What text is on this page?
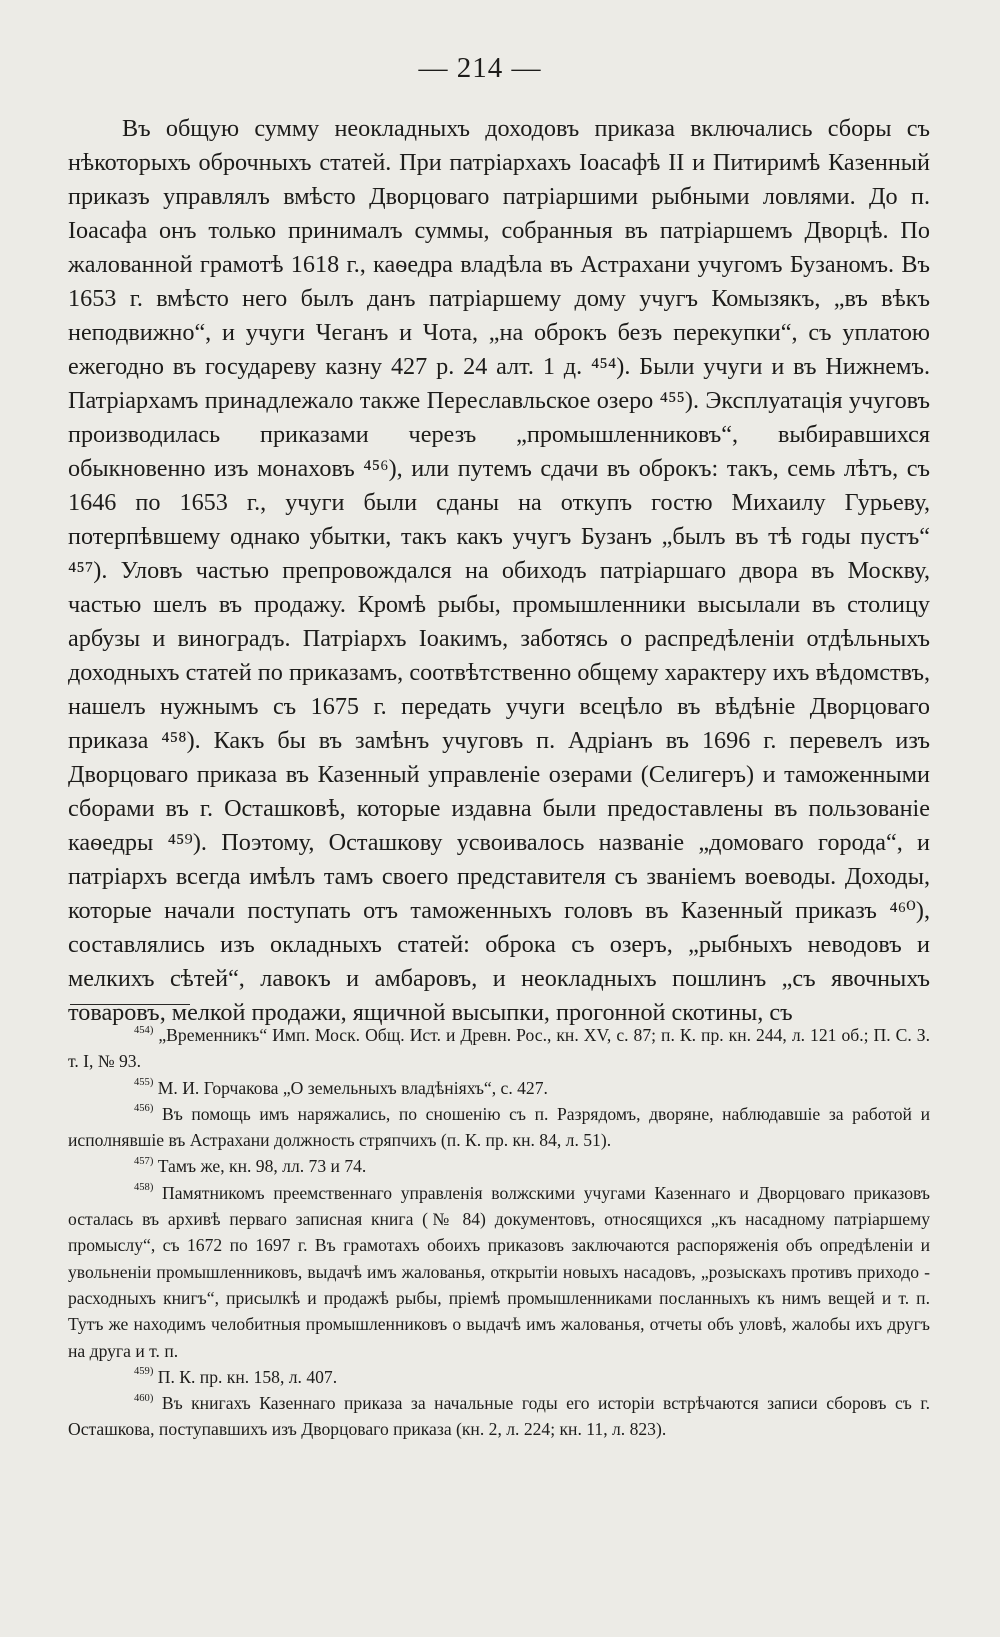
— 214 —

Въ общую сумму неокладныхъ доходовъ приказа включались сборы съ нѣкоторыхъ оброчныхъ статей. При патріархахъ Іоасафѣ II и Питиримѣ Казенный приказъ управлялъ вмѣсто Дворцоваго патріаршими рыбными ловлями. До п. Іоасафа онъ только принималъ суммы, собранныя въ патріаршемъ Дворцѣ. По жалованной грамотѣ 1618 г., каѳедра владѣла въ Астрахани учугомъ Бузаномъ. Въ 1653 г. вмѣсто него былъ данъ патріаршему дому учугъ Комызякъ, „въ вѣкъ неподвижно“, и учуги Чеганъ и Чота, „на оброкъ безъ перекупки“, съ уплатою ежегодно въ государеву казну 427 р. 24 алт. 1 д. ⁴⁵⁴). Были учуги и въ Нижнемъ. Патріархамъ принадлежало также Переславльское озеро ⁴⁵⁵). Эксплуатація учуговъ производилась приказами черезъ „промышленниковъ“, выбиравшихся обыкновенно изъ монаховъ ⁴⁵⁶), или путемъ сдачи въ оброкъ: такъ, семь лѣтъ, съ 1646 по 1653 г., учуги были сданы на откупъ гостю Михаилу Гурьеву, потерпѣвшему однако убытки, такъ какъ учугъ Бузанъ „былъ въ тѣ годы пустъ“ ⁴⁵⁷). Уловъ частью препровождался на обиходъ патріаршаго двора въ Москву, частью шелъ въ продажу. Кромѣ рыбы, промышленники высылали въ столицу арбузы и виноградъ. Патріархъ Іоакимъ, заботясь о распредѣленіи отдѣльныхъ доходныхъ статей по приказамъ, соотвѣтственно общему характеру ихъ вѣдомствъ, нашелъ нужнымъ съ 1675 г. передать учуги всецѣло въ вѣдѣніе Дворцоваго приказа ⁴⁵⁸). Какъ бы въ замѣнъ учуговъ п. Адріанъ въ 1696 г. перевелъ изъ Дворцоваго приказа въ Казенный управленіе озерами (Селигеръ) и таможенными сборами въ г. Осташковѣ, которые издавна были предоставлены въ пользованіе каѳедры ⁴⁵⁹). Поэтому, Осташкову усвоивалось названіе „домоваго города“, и патріархъ всегда имѣлъ тамъ своего представителя съ званіемъ воеводы. Доходы, которые начали поступать отъ таможенныхъ головъ въ Казенный приказъ ⁴⁶⁰), составлялись изъ окладныхъ статей: оброка съ озеръ, „рыбныхъ неводовъ и мелкихъ сѣтей“, лавокъ и амбаровъ, и неокладныхъ пошлинъ „съ явочныхъ товаровъ, мелкой продажи, ящичной высыпки, прогонной скотины, съ

$^{454)}$ „Временникъ“ Имп. Моск. Общ. Ист. и Древн. Рос., кн. XV, с. 87; п. К. пр. кн. 244, л. 121 об.; П. С. З. т. I, № 93.

$^{455)}$ М. И. Горчакова „О земельныхъ владѣніяхъ“, с. 427.

$^{456)}$ Въ помощь имъ наряжались, по сношенію съ п. Разрядомъ, дворяне, наблюдавшіе за работой и исполнявшіе въ Астрахани должность стряпчихъ (п. К. пр. кн. 84, л. 51).

$^{457)}$ Тамъ же, кн. 98, лл. 73 и 74.

$^{458)}$ Памятникомъ преемственнаго управленія волжскими учугами Казеннаго и Дворцоваго приказовъ осталась въ архивѣ перваго записная книга (№ 84) документовъ, относящихся „къ насадному патріаршему промыслу“, съ 1672 по 1697 г. Въ грамотахъ обоихъ приказовъ заключаются распоряженія объ опредѣленіи и увольненіи промышленниковъ, выдачѣ имъ жалованья, открытіи новыхъ насадовъ, „розыскахъ противъ приходо - расходныхъ книгъ“, присылкѣ и продажѣ рыбы, пріемѣ промышленниками посланныхъ къ нимъ вещей и т. п. Тутъ же находимъ челобитныя промышленниковъ о выдачѣ имъ жалованья, отчеты объ уловѣ, жалобы ихъ другъ на друга и т. п.

$^{459)}$ П. К. пр. кн. 158, л. 407.

$^{460)}$ Въ книгахъ Казеннаго приказа за начальные годы его исторіи встрѣчаются записи сборовъ съ г. Осташкова, поступавшихъ изъ Дворцоваго приказа (кн. 2, л. 224; кн. 11, л. 823).
